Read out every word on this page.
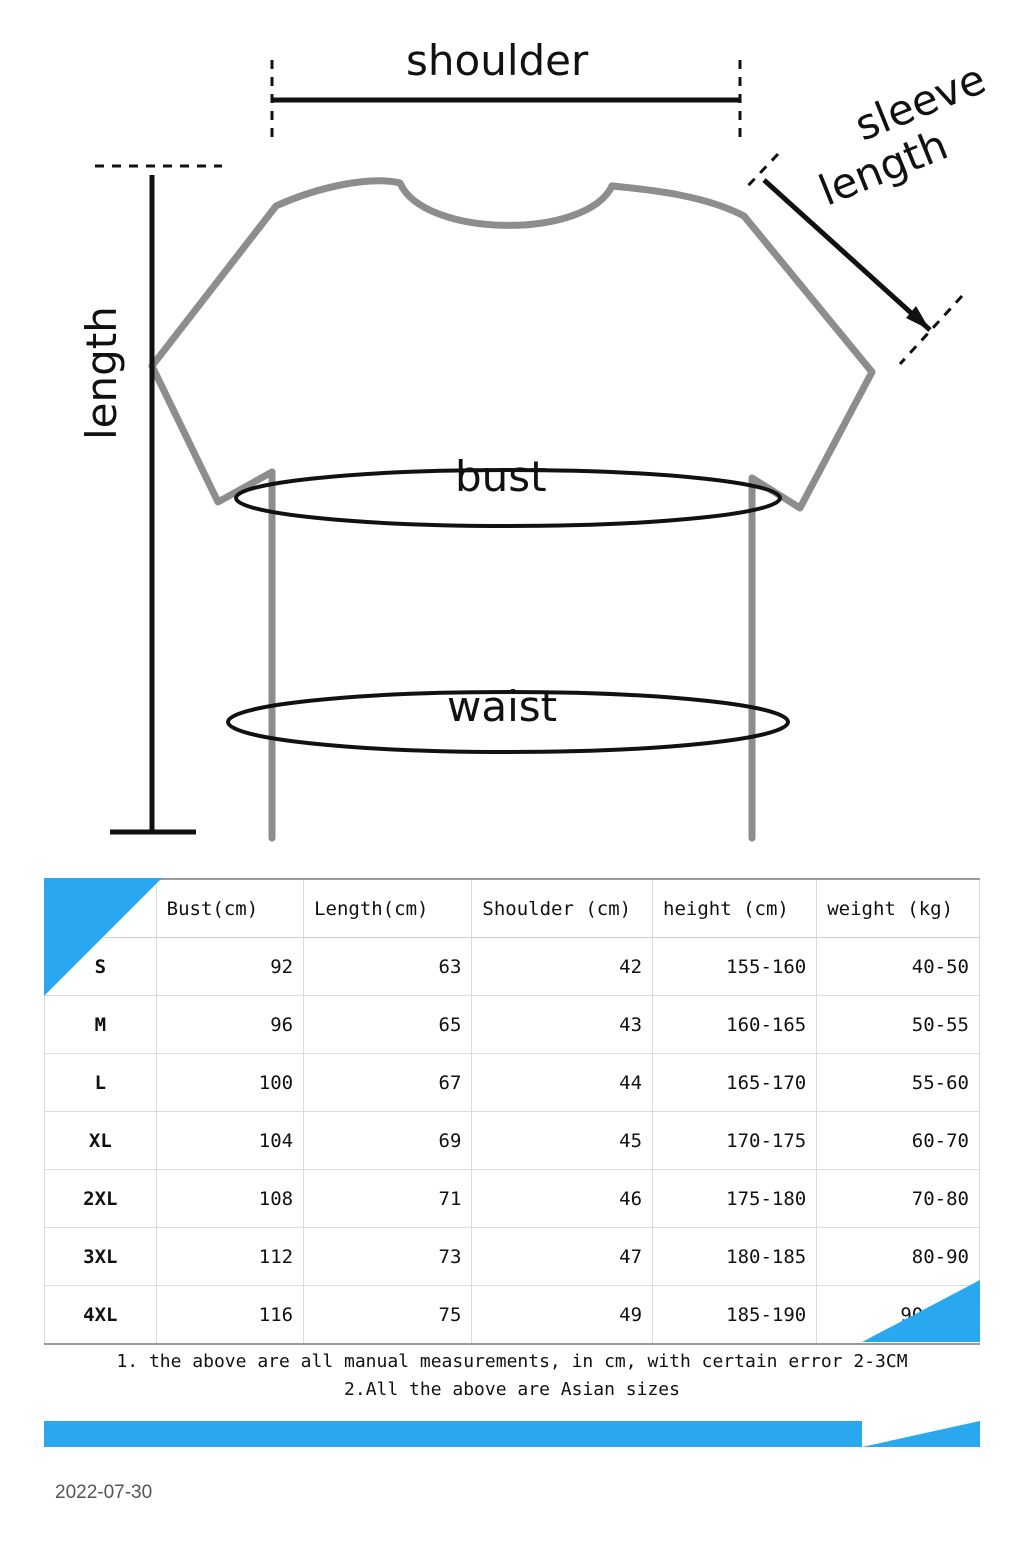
shoulder
bust
waist
length
sleeve
length
size	Bust(cm)	Length(cm)	Shoulder (cm)	height (cm)	weight (kg)
S	92	63	42	155-160	40-50
M	96	65	43	160-165	50-55
L	100	67	44	165-170	55-60
XL	104	69	45	170-175	60-70
2XL	108	71	46	175-180	70-80
3XL	112	73	47	180-185	80-90
4XL	116	75	49	185-190	90-100
1. the above are all manual measurements, in cm, with certain error 2-3CM
2.All the above are Asian sizes
2022-07-30
